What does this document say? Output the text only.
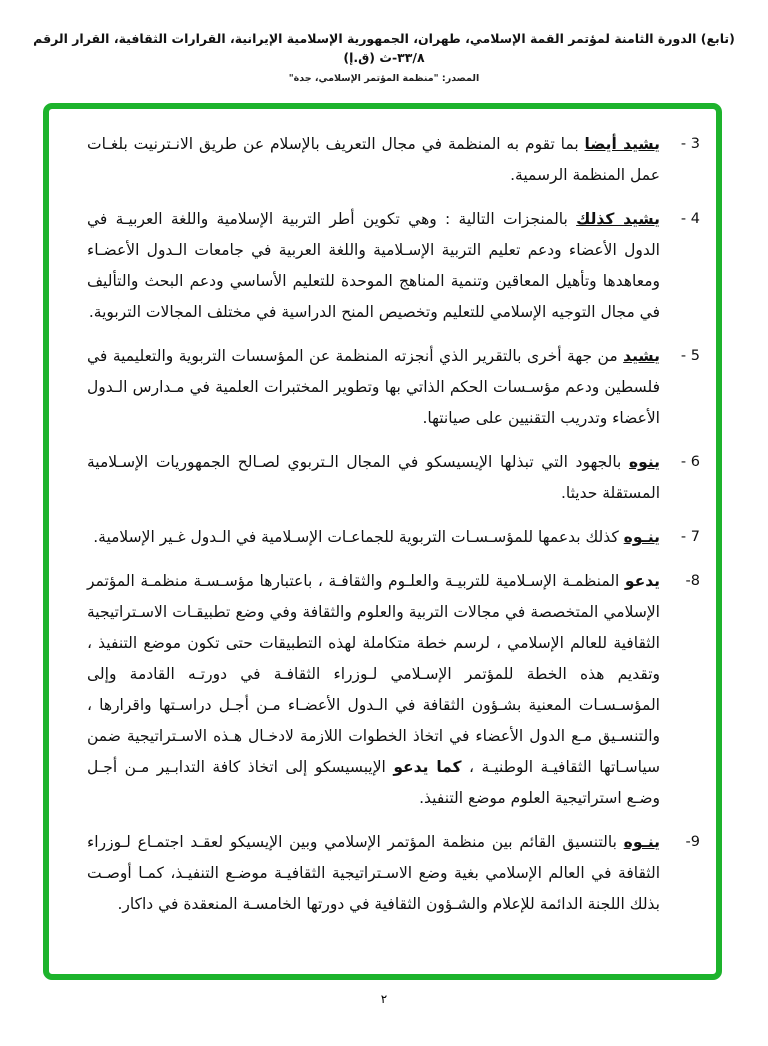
(تابع) الدورة الثامنة لمؤتمر القمة الإسلامي، طهران، الجمهورية الإسلامية الإيرانية، القرارات الثقافية، القرار الرقم ٣٣/٨-ث (ق.إ)
المصدر: "منظمة المؤتمر الإسلامي، جدة"
3 -

يشيد أيضا بما تقوم به المنظمة في مجال التعريف بالإسلام عن طريق الانـترنيت بلغـات عمل المنظمة الرسمية.

4 -

يشيد كذلك بالمنجزات التالية : وهي تكوين أطر التربية الإسلامية واللغة العربيـة في الدول الأعضاء ودعم تعليم التربية الإسـلامية واللغة العربية في جامعات الـدول الأعضـاء ومعاهدها وتأهيل المعاقين وتنمية المناهج الموحدة للتعليم الأساسي ودعم البحث والتأليف في مجال التوجيه الإسلامي للتعليم وتخصيص المنح الدراسية في مختلف المجالات التربوية.

5 -

يشيد من جهة أخرى بالتقرير الذي أنجزته المنظمة عن المؤسسات التربوية والتعليمية في فلسطين ودعم مؤسـسات الحكم الذاتي بها وتطوير المختبرات العلمية في مـدارس الـدول الأعضاء وتدريب التقنيين على صيانتها.

6 -

ينوه بالجهود التي تبذلها الإيسيسكو في المجال الـتربوي لصـالح الجمهوريات الإسـلامية المستقلة حديثا.

7 -

ينـوه كذلك بدعمها للمؤسـسـات التربوية للجماعـات الإسـلامية في الـدول غـير الإسلامية.

8-

يدعو المنظمـة الإسـلامية للتربيـة والعلـوم والثقافـة ، باعتبارها مؤسـسـة منظمـة المؤتمر الإسلامي المتخصصة في مجالات التربية والعلوم والثقافة وفي وضع تطبيقـات الاسـتراتيجية الثقافية للعالم الإسلامي ، لرسم خطة متكاملة لهذه التطبيقات حتى تكون موضع التنفيذ ، وتقديم هذه الخطة للمؤتمر الإسـلامي لـوزراء الثقافـة في دورتـه القادمة وإلى المؤسـسـات المعنية بشـؤون الثقافة في الـدول الأعضـاء مـن أجـل دراسـتها واقرارها ، والتنسـيق مـع الدول الأعضاء في اتخاذ الخطوات اللازمة لادخـال هـذه الاسـتراتيجية ضمن سياسـاتها الثقافيـة الوطنيـة ، كما يدعو الإيبسيسكو إلى اتخاذ كافة التدابـير مـن أجـل وضـع استراتيجية العلوم موضع التنفيذ.

9-

ينـوه بالتنسيق القائم بين منظمة المؤتمر الإسلامي وبين الإيسيكو لعقـد اجتمـاع لـوزراء الثقافة في العالم الإسلامي بغية وضع الاسـتراتيجية الثقافيـة موضـع التنفيـذ، كمـا أوصـت بذلك اللجنة الدائمة للإعلام والشـؤون الثقافية في دورتها الخامسـة المنعقدة في داكار.

٢
